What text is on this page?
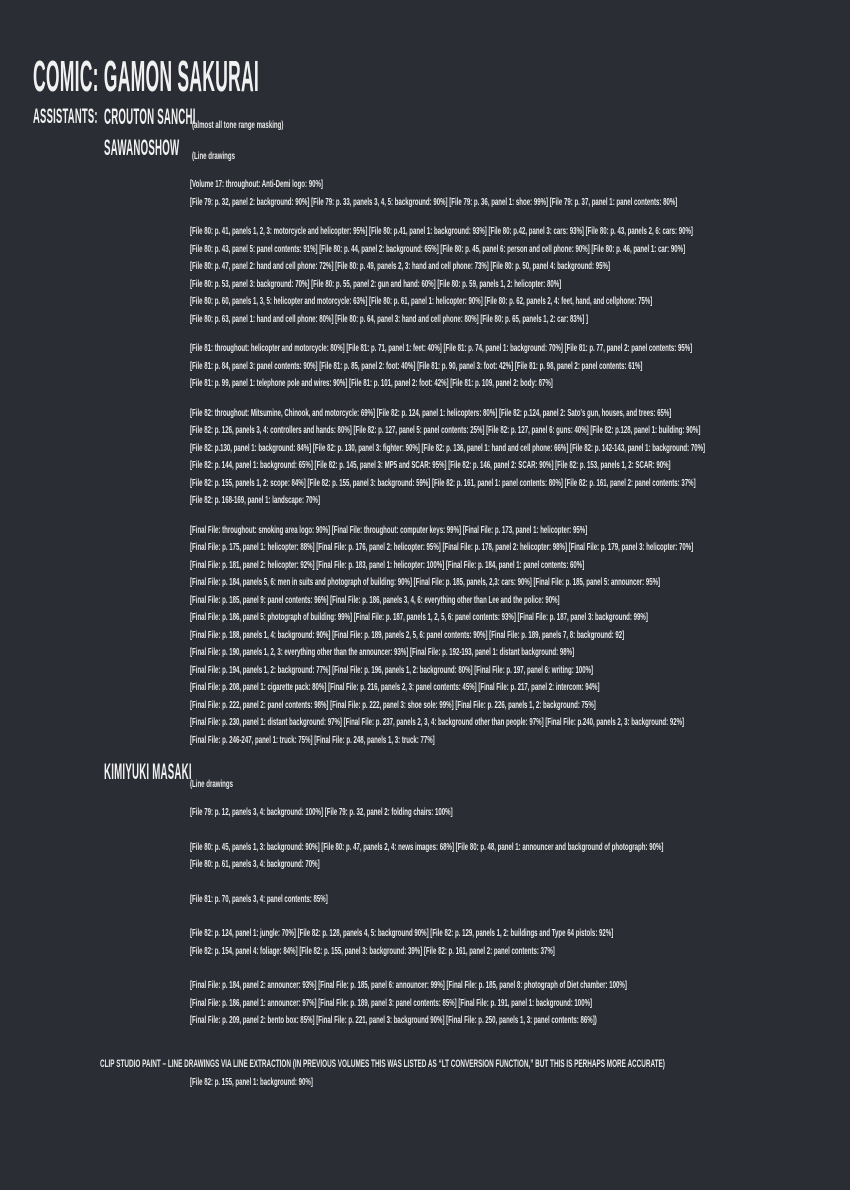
COMIC: GAMON SAKURAI
ASSISTANTS: CROUTON SANCHI
(almost all tone range masking)
SAWANOSHOW (Line drawings
[Volume 17: throughout: Anti-Demi logo: 90%]
[File 79: p. 32, panel 2: background: 90%] [File 79: p. 33, panels 3, 4, 5: background: 90%] [File 79: p. 36, panel 1: shoe: 99%] [File 79: p. 37, panel 1: panel contents: 80%]
[File 80: p. 41, panels 1, 2, 3: motorcycle and helicopter: 95%] [File 80: p.41, panel 1: background: 93%] [File 80: p.42, panel 3: cars: 93%] [File 80: p. 43, panels 2, 6: cars: 90%]
[File 80: p. 43, panel 5: panel contents: 91%] [File 80: p. 44, panel 2: background: 65%] [File 80: p. 45, panel 6: person and cell phone: 90%] [File 80: p. 46, panel 1: car: 90%]
[File 80: p. 47, panel 2: hand and cell phone: 72%] [File 80: p. 49, panels 2, 3: hand and cell phone: 73%] [File 80: p. 50, panel 4: background: 95%]
[File 80: p. 53, panel 3: background: 70%] [File 80: p. 55, panel 2: gun and hand: 60%] [File 80: p. 59, panels 1, 2: helicopter: 80%]
[File 80: p. 60, panels 1, 3, 5: helicopter and motorcycle: 63%] [File 80: p. 61, panel 1: helicopter: 90%] [File 80: p. 62, panels 2, 4: feet, hand, and cellphone: 75%]
[File 80: p. 63, panel 1: hand and cell phone: 80%] [File 80: p. 64, panel 3: hand and cell phone: 80%] [File 80: p. 65, panels 1, 2: car: 83%] ]
[File 81: throughout: helicopter and motorcycle: 80%] [File 81: p. 71, panel 1: feet: 40%] [File 81: p. 74, panel 1: background: 70%] [File 81: p. 77, panel 2: panel contents: 95%]
[File 81: p. 84, panel 3: panel contents: 90%] [File 81: p. 85, panel 2: foot: 40%] [File 81: p. 90, panel 3: foot: 42%] [File 81: p. 98, panel 2: panel contents: 61%]
[File 81: p. 99, panel 1: telephone pole and wires: 90%] [File 81: p. 101, panel 2: foot: 42%] [File 81: p. 109, panel 2: body: 87%]
[File 82: throughout: Mitsumine, Chinook, and motorcycle: 69%] [File 82: p. 124, panel 1: helicopters: 80%] [File 82: p.124, panel 2: Sato's gun, houses, and trees: 65%]
[File 82: p. 126, panels 3, 4: controllers and hands: 80%] [File 82: p. 127, panel 5: panel contents: 25%] [File 82: p. 127, panel 6: guns: 40%] [File 82: p.128, panel 1: building: 90%]
[File 82: p.130, panel 1: background: 84%] [File 82: p. 130, panel 3: fighter: 90%] [File 82: p. 136, panel 1: hand and cell phone: 66%] [File 82: p. 142-143, panel 1: background: 70%]
[File 82: p. 144, panel 1: background: 65%] [File 82: p. 145, panel 3: MP5 and SCAR: 95%] [File 82: p. 146, panel 2: SCAR: 90%] [File 82: p. 153, panels 1, 2: SCAR: 90%]
[File 82: p. 155, panels 1, 2: scope: 84%] [File 82: p. 155, panel 3: background: 59%] [File 82: p. 161, panel 1: panel contents: 80%] [File 82: p. 161, panel 2: panel contents: 37%]
[File 82: p. 168-169, panel 1: landscape: 70%]
[Final File: throughout: smoking area logo: 90%] [Final File: throughout: computer keys: 99%] [Final File: p. 173, panel 1: helicopter: 95%]
[Final File: p. 175, panel 1: helicopter: 88%] [Final File: p. 176, panel 2: helicopter: 95%] [Final File: p. 178, panel 2: helicopter: 98%] [Final File: p. 179, panel 3: helicopter: 70%]
[Final File: p. 181, panel 2: helicopter: 92%] [Final File: p. 183, panel 1: helicopter: 100%] [Final File: p. 184, panel 1: panel contents: 60%]
[Final File: p. 184, panels 5, 6: men in suits and photograph of building: 90%] [Final File: p. 185, panels, 2,3: cars: 90%] [Final File: p. 185, panel 5: announcer: 95%]
[Final File: p. 185, panel 9: panel contents: 96%] [Final File: p. 186, panels 3, 4, 6: everything other than Lee and the police: 90%]
[Final File: p. 186, panel 5: photograph of building: 99%] [Final File: p. 187, panels 1, 2, 5, 6: panel contents: 93%] [Final File: p. 187, panel 3: background: 99%]
[Final File: p. 188, panels 1, 4: background: 90%] [Final File: p. 189, panels 2, 5, 6: panel contents: 90%] [Final File: p. 189, panels 7, 8: background: 92]
[Final File: p. 190, panels 1, 2, 3: everything other than the announcer: 93%] [Final File: p. 192-193, panel 1: distant background: 98%]
[Final File: p. 194, panels 1, 2: background: 77%] [Final File: p. 196, panels 1, 2: background: 80%] [Final File: p. 197, panel 6: writing: 100%]
[Final File: p. 208, panel 1: cigarette pack: 80%] [Final File: p. 216, panels 2, 3: panel contents: 45%] [Final File: p. 217, panel 2: intercom: 94%]
[Final File: p. 222, panel 2: panel contents: 98%] [Final File: p. 222, panel 3: shoe sole: 99%] [Final File: p. 226, panels 1, 2: background: 75%]
[Final File: p. 230, panel 1: distant background: 97%] [Final File: p. 237, panels 2, 3, 4: background other than people: 97%] [Final File: p.240, panels 2, 3: background: 92%]
[Final File: p. 246-247, panel 1: truck: 75%] [Final File: p. 248, panels 1, 3: truck: 77%]
KIMIYUKI MASAKI
(Line drawings
[File 79: p. 12, panels 3, 4: background: 100%] [File 79: p. 32, panel 2: folding chairs: 100%]
[File 80: p. 45, panels 1, 3: background: 90%] [File 80: p. 47, panels 2, 4: news images: 68%] [File 80: p. 48, panel 1: announcer and background of photograph: 90%]
[File 80: p. 61, panels 3, 4: background: 70%]
[File 81: p. 70, panels 3, 4: panel contents: 85%]
[File 82: p. 124, panel 1: jungle: 70%] [File 82: p. 128, panels 4, 5: background 90%] [File 82: p. 129, panels 1, 2: buildings and Type 64 pistols: 92%]
[File 82: p. 154, panel 4: foliage: 84%] [File 82: p. 155, panel 3: background: 39%] [File 82: p. 161, panel 2: panel contents: 37%]
[Final File: p. 184, panel 2: announcer: 93%] [Final File: p. 185, panel 6: announcer: 99%] [Final File: p. 185, panel 8: photograph of Diet chamber: 100%]
[Final File: p. 186, panel 1: announcer: 97%] [Final File: p. 189, panel 3: panel contents: 85%] [Final File: p. 191, panel 1: background: 100%]
[Final File: p. 209, panel 2: bento box: 85%] [Final File: p. 221, panel 3: background 90%] [Final File: p. 250, panels 1, 3: panel contents: 86%])
CLIP STUDIO PAINT – LINE DRAWINGS VIA LINE EXTRACTION (IN PREVIOUS VOLUMES THIS WAS LISTED AS “LT CONVERSION FUNCTION,” BUT THIS IS PERHAPS MORE ACCURATE)
[File 82: p. 155, panel 1: background: 90%]
